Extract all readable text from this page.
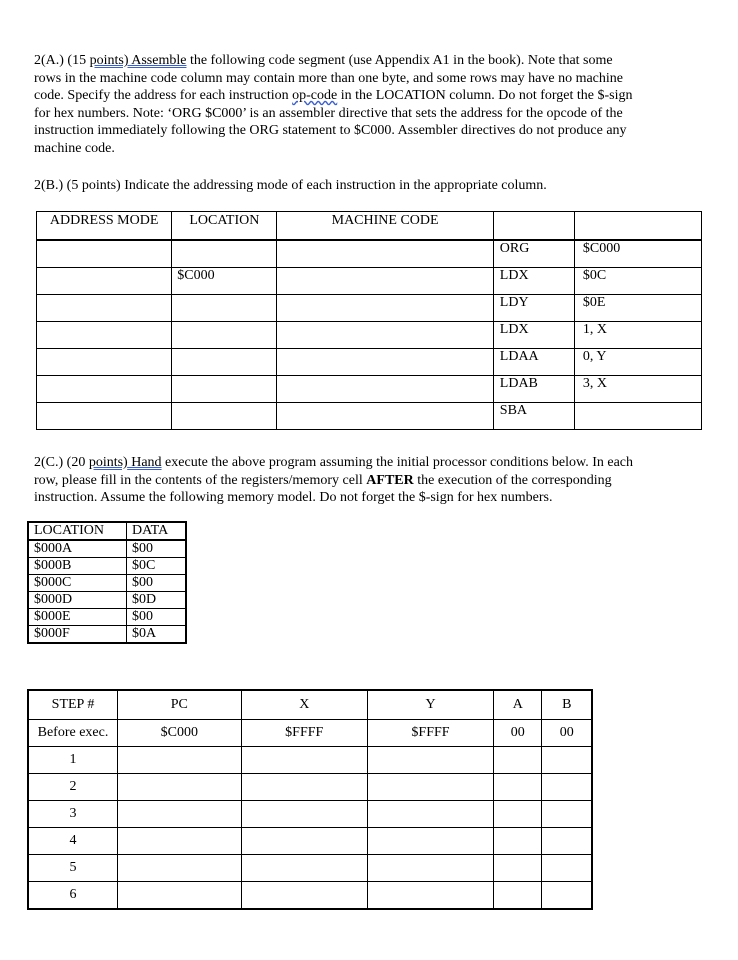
2(A.) (15 points) Assemble the following code segment (use Appendix A1 in the book). Note that some
rows in the machine code column may contain more than one byte, and some rows may have no machine
code. Specify the address for each instruction op-code in the LOCATION column. Do not forget the $-sign
for hex numbers. Note: ‘ORG $C000’ is an assembler directive that sets the address for the opcode of the
instruction immediately following the ORG statement to $C000. Assembler directives do not produce any
machine code.
2(B.) (5 points) Indicate the addressing mode of each instruction in the appropriate column.
ADDRESS MODE	LOCATION	MACHINE CODE		
			ORG	$C000
	$C000		LDX	$0C
			LDY	$0E
			LDX	1, X
			LDAA	0, Y
			LDAB	3, X
			SBA	
2(C.) (20 points) Hand execute the above program assuming the initial processor conditions below. In each
row, please fill in the contents of the registers/memory cell AFTER the execution of the corresponding
instruction. Assume the following memory model. Do not forget the $-sign for hex numbers.
LOCATION	DATA
$000A	$00
$000B	$0C
$000C	$00
$000D	$0D
$000E	$00
$000F	$0A
STEP #	PC	X	Y	A	B
Before exec.	$C000	$FFFF	$FFFF	00	00
1					
2					
3					
4					
5					
6					
